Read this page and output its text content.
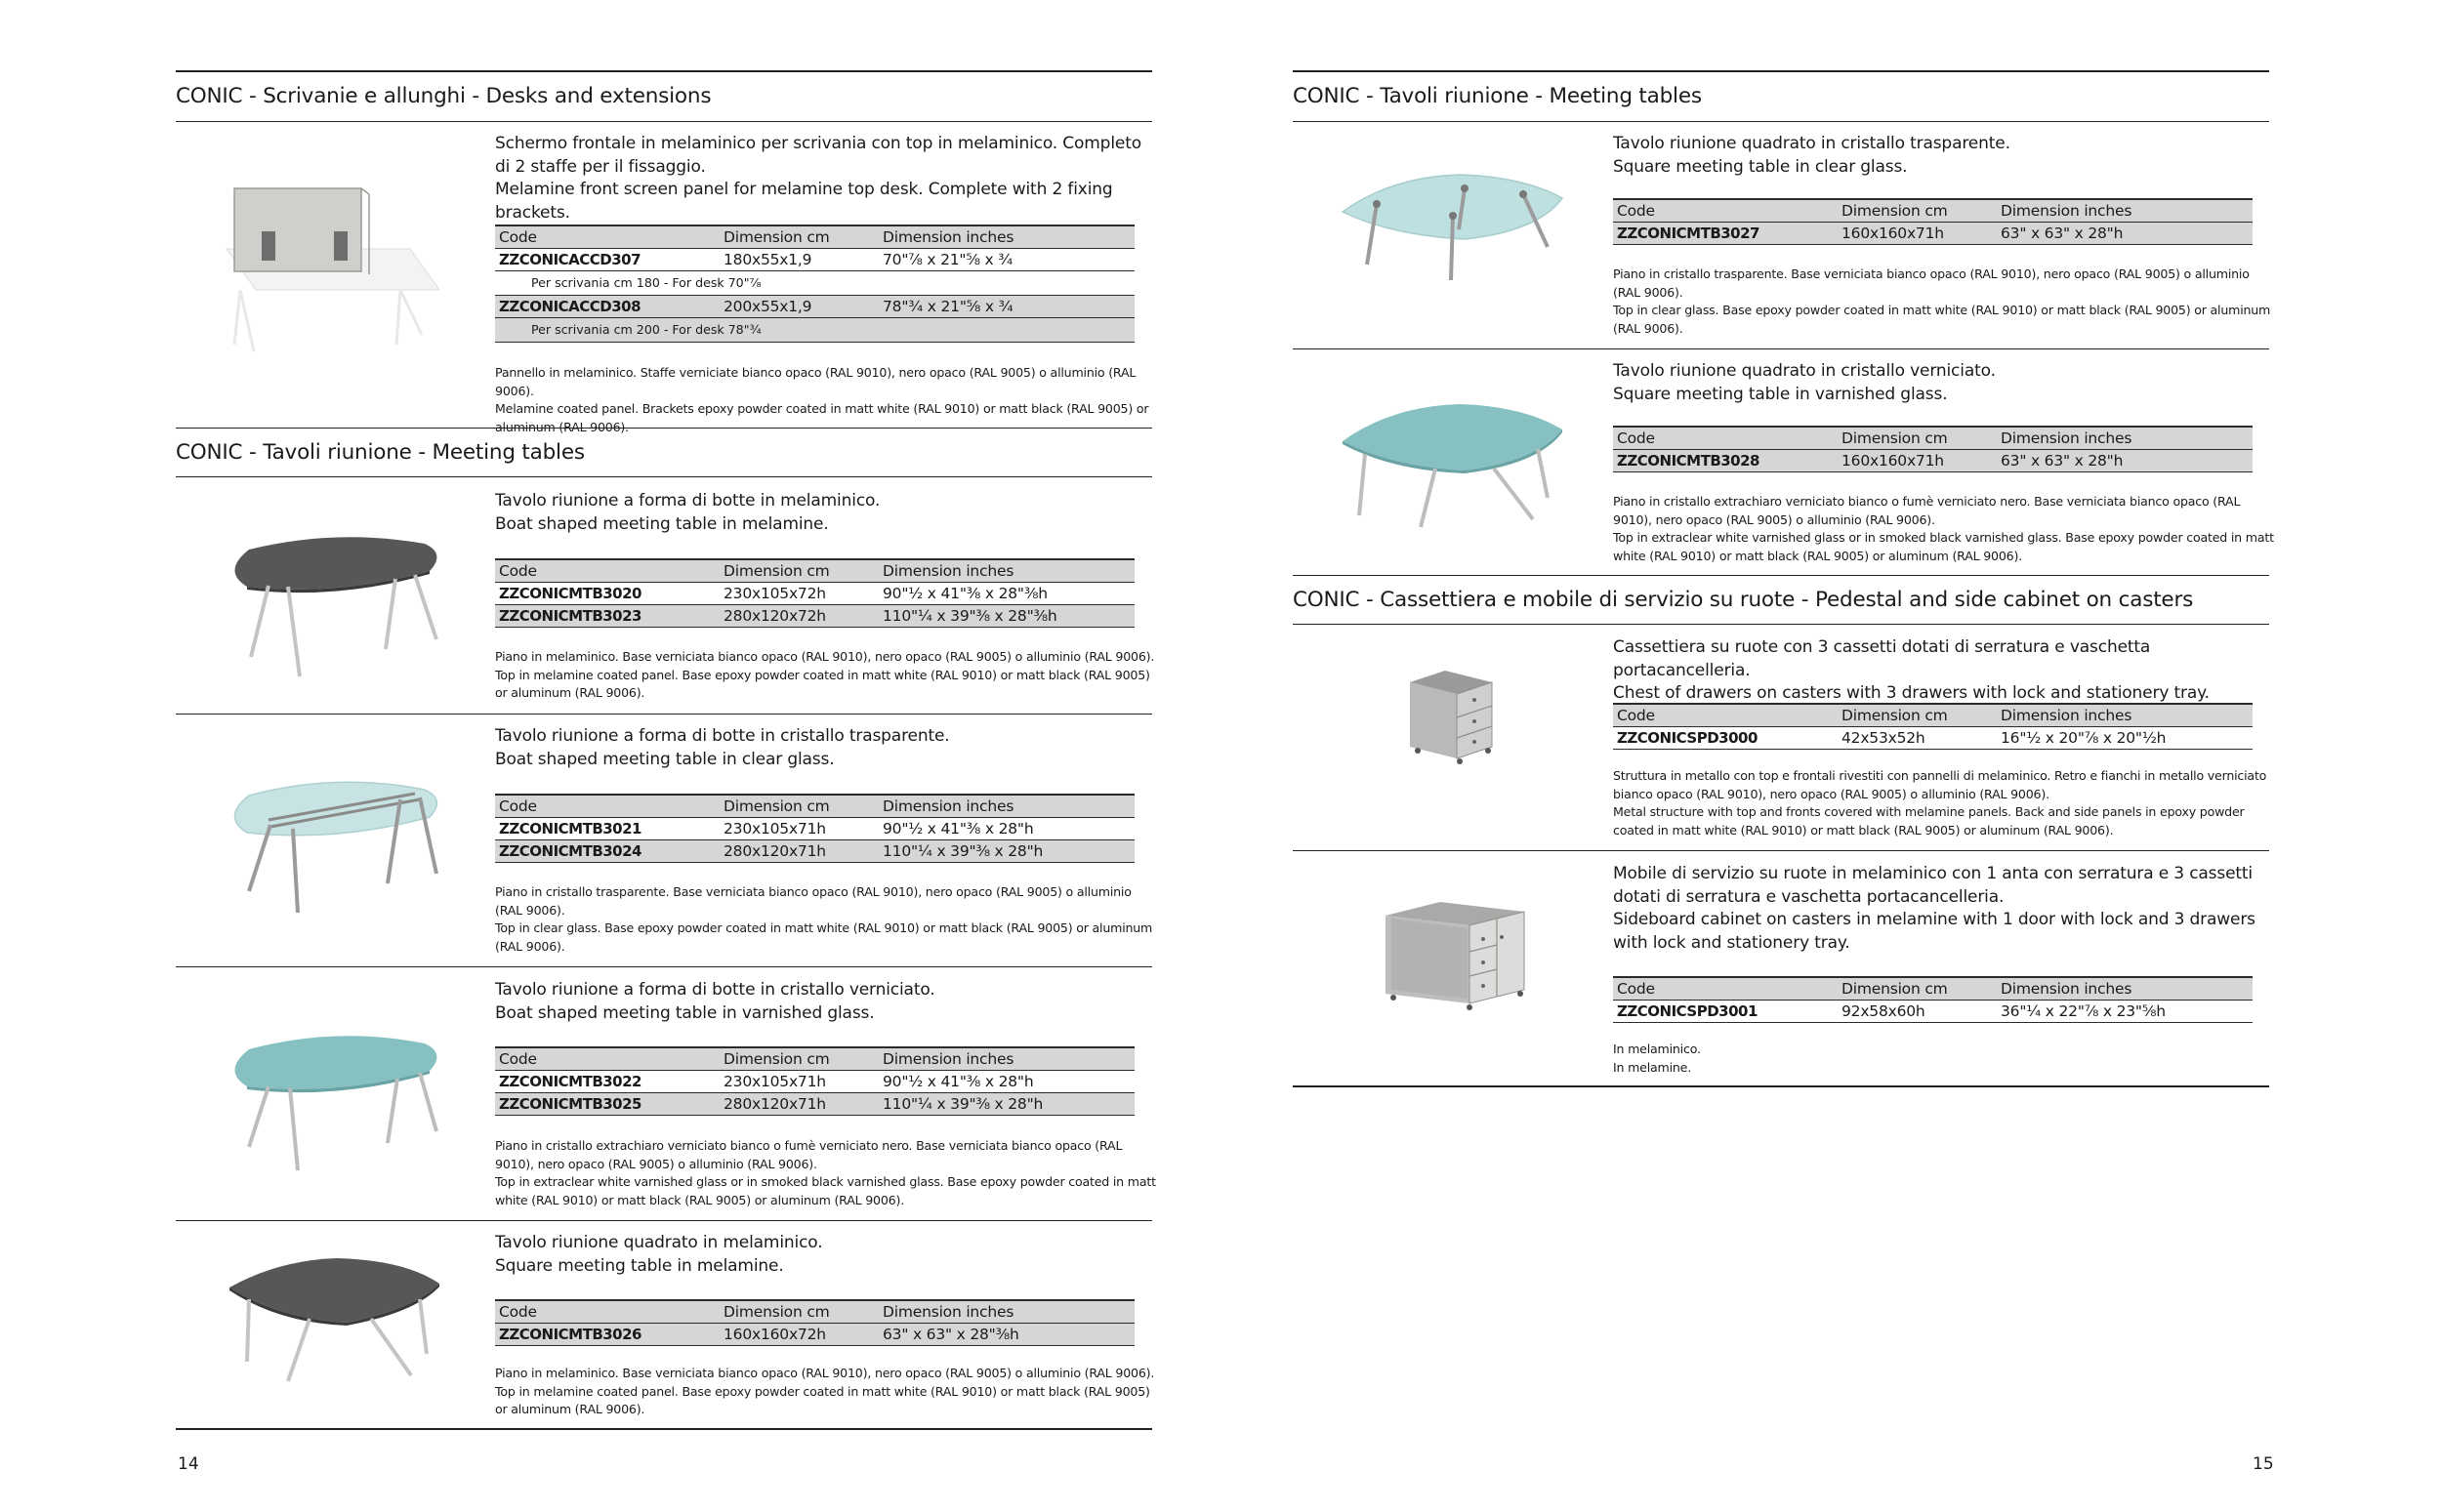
CONIC - Scrivanie e allunghi - Desks and extensions
Schermo frontale in melaminico per scrivania con top in melaminico. Completo di 2 staffe per il fissaggio.
Melamine front screen panel for melamine top desk. Complete with 2 fixing brackets.
Code	Dimension cm	Dimension inches
ZZCONICACCD307	180x55x1,9	70"⁷⁄₈ x 21"⁵⁄₈ x ¾
Per scrivania cm 180 - For desk 70"⁷⁄₈
ZZCONICACCD308	200x55x1,9	78"¾ x 21"⁵⁄₈ x ¾
Per scrivania cm 200 - For desk 78"¾
Pannello in melaminico. Staffe verniciate bianco opaco (RAL 9010), nero opaco (RAL 9005) o alluminio (RAL 9006).
Melamine coated panel. Brackets epoxy powder coated in matt white (RAL 9010) or matt black (RAL 9005) or aluminum (RAL 9006).
CONIC - Tavoli riunione - Meeting tables
Tavolo riunione a forma di botte in melaminico.
Boat shaped meeting table in melamine.
Code	Dimension cm	Dimension inches
ZZCONICMTB3020	230x105x72h	90"½ x 41"³⁄₈ x 28"³⁄₈h
ZZCONICMTB3023	280x120x72h	110"¼ x 39"³⁄₈ x 28"³⁄₈h
Piano in melaminico. Base verniciata bianco opaco (RAL 9010), nero opaco (RAL 9005) o alluminio (RAL 9006).
Top in melamine coated panel. Base epoxy powder coated in matt white (RAL 9010) or matt black (RAL 9005) or aluminum (RAL 9006).
Tavolo riunione a forma di botte in cristallo trasparente.
Boat shaped meeting table in clear glass.
Code	Dimension cm	Dimension inches
ZZCONICMTB3021	230x105x71h	90"½ x 41"³⁄₈ x 28"h
ZZCONICMTB3024	280x120x71h	110"¼ x 39"³⁄₈ x 28"h
Piano in cristallo trasparente. Base verniciata bianco opaco (RAL 9010), nero opaco (RAL 9005) o alluminio (RAL 9006).
Top in clear glass. Base epoxy powder coated in matt white (RAL 9010) or matt black (RAL 9005) or aluminum (RAL 9006).
Tavolo riunione a forma di botte in cristallo verniciato.
Boat shaped meeting table in varnished glass.
Code	Dimension cm	Dimension inches
ZZCONICMTB3022	230x105x71h	90"½ x 41"³⁄₈ x 28"h
ZZCONICMTB3025	280x120x71h	110"¼ x 39"³⁄₈ x 28"h
Piano in cristallo extrachiaro verniciato bianco o fumè verniciato nero. Base verniciata bianco opaco (RAL 9010), nero opaco (RAL 9005) o alluminio (RAL 9006).
Top in extraclear white varnished glass or in smoked black varnished glass. Base epoxy powder coated in matt white (RAL 9010) or matt black (RAL 9005) or aluminum (RAL 9006).
Tavolo riunione quadrato in melaminico.
Square meeting table in melamine.
Code	Dimension cm	Dimension inches
ZZCONICMTB3026	160x160x72h	63" x 63" x 28"³⁄₈h
Piano in melaminico. Base verniciata bianco opaco (RAL 9010), nero opaco (RAL 9005) o alluminio (RAL 9006).
Top in melamine coated panel. Base epoxy powder coated in matt white (RAL 9010) or matt black (RAL 9005) or aluminum (RAL 9006).
14
CONIC - Tavoli riunione - Meeting tables
Tavolo riunione quadrato in cristallo trasparente.
Square meeting table in clear glass.
Code	Dimension cm	Dimension inches
ZZCONICMTB3027	160x160x71h	63" x 63" x 28"h
Piano in cristallo trasparente. Base verniciata bianco opaco (RAL 9010), nero opaco (RAL 9005) o alluminio (RAL 9006).
Top in clear glass. Base epoxy powder coated in matt white (RAL 9010) or matt black (RAL 9005) or aluminum (RAL 9006).
Tavolo riunione quadrato in cristallo verniciato.
Square meeting table in varnished glass.
Code	Dimension cm	Dimension inches
ZZCONICMTB3028	160x160x71h	63" x 63" x 28"h
Piano in cristallo extrachiaro verniciato bianco o fumè verniciato nero. Base verniciata bianco opaco (RAL 9010), nero opaco (RAL 9005) o alluminio (RAL 9006).
Top in extraclear white varnished glass or in smoked black varnished glass. Base epoxy powder coated in matt white (RAL 9010) or matt black (RAL 9005) or aluminum (RAL 9006).
CONIC - Cassettiera e mobile di servizio su ruote - Pedestal and side cabinet on casters
Cassettiera su ruote con 3 cassetti dotati di serratura e vaschetta portacancelleria.
Chest of drawers on casters with 3 drawers with lock and stationery tray.
Code	Dimension cm	Dimension inches
ZZCONICSPD3000	42x53x52h	16"½ x 20"⁷⁄₈ x 20"½h
Struttura in metallo con top e frontali rivestiti con pannelli di melaminico. Retro e fianchi in metallo verniciato bianco opaco (RAL 9010), nero opaco (RAL 9005) o alluminio (RAL 9006).
Metal structure with top and fronts covered with melamine panels. Back and side panels in epoxy powder coated in matt white (RAL 9010) or matt black (RAL 9005) or aluminum (RAL 9006).
Mobile di servizio su ruote in melaminico con 1 anta con serratura e 3 cassetti dotati di serratura e vaschetta portacancelleria.
Sideboard cabinet on casters in melamine with 1 door with lock and 3 drawers with lock and stationery tray.
Code	Dimension cm	Dimension inches
ZZCONICSPD3001	92x58x60h	36"¼ x 22"⁷⁄₈ x 23"⁵⁄₈h
In melaminico.
In melamine.
15
